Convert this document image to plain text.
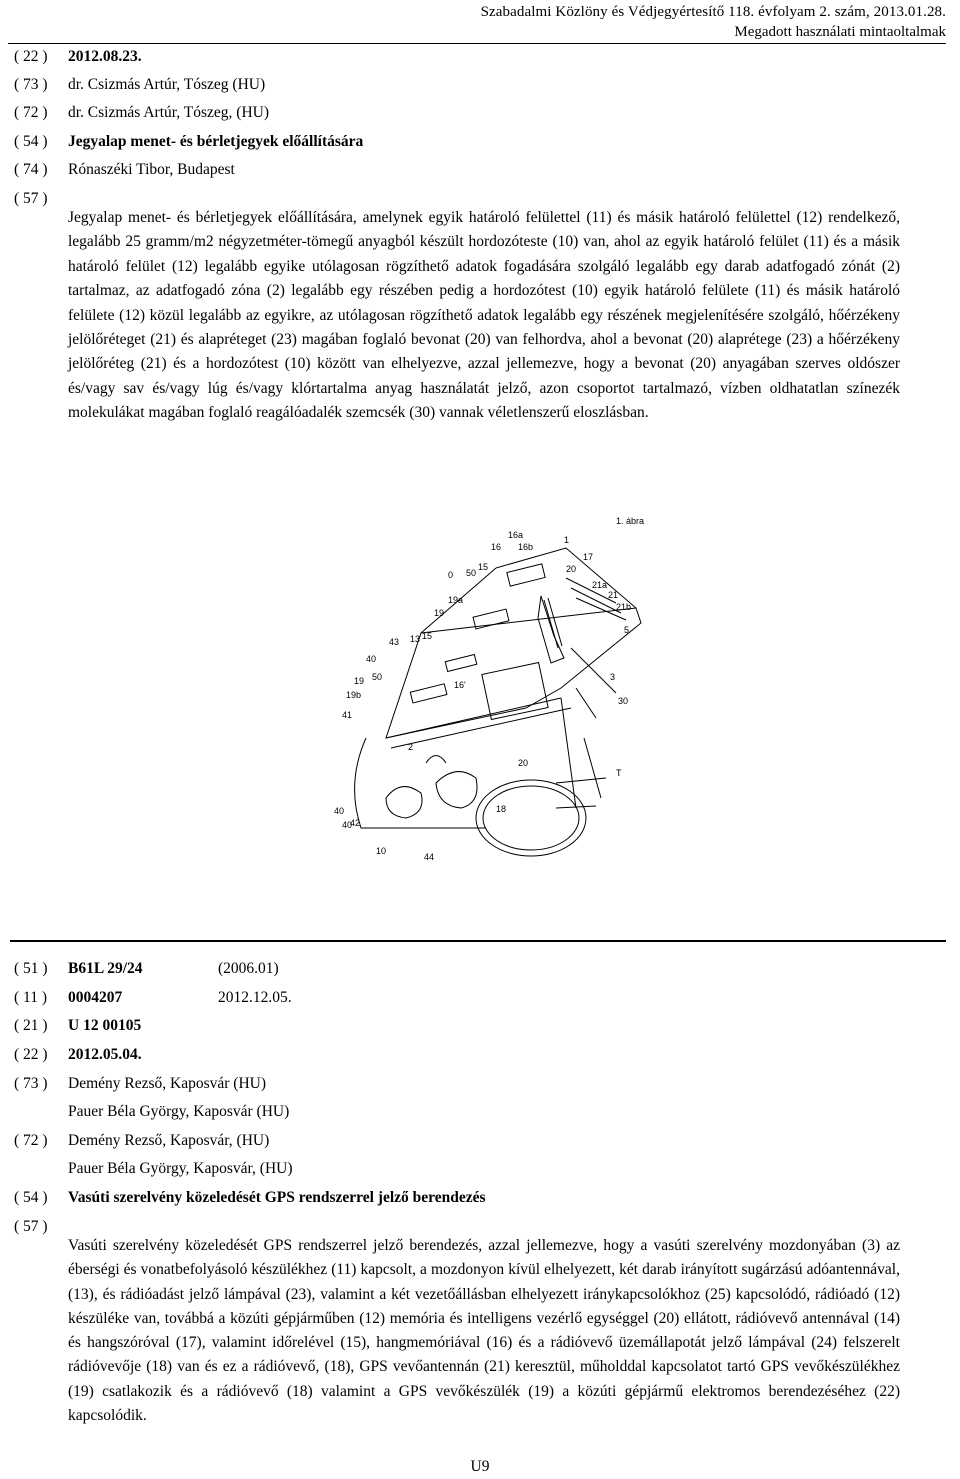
Szabadalmi Közlöny és Védjegyértesítő 118. évfolyam 2. szám, 2013.01.28.
Megadott használati mintaoltalmak
( 22 ) 2012.08.23.
( 73 ) dr. Csizmás Artúr, Tószeg (HU)
( 72 ) dr. Csizmás Artúr, Tószeg, (HU)
( 54 ) Jegyalap menet- és bérletjegyek előállítására
( 74 ) Rónaszéki Tibor, Budapest
( 57 )
Jegyalap menet- és bérletjegyek előállítására, amelynek egyik határoló felülettel (11) és másik határoló felülettel (12) rendelkező, legalább 25 gramm/m2 négyzetméter-tömegű anyagból készült hordozóteste (10) van, ahol az egyik határoló felület (11) és a másik határoló felület (12) legalább egyike utólagosan rögzíthető adatok fogadására szolgáló legalább egy darab adatfogadó zónát (2) tartalmaz, az adatfogadó zóna (2) legalább egy részében pedig a hordozótest (10) egyik határoló felülete (11) és másik határoló felülete (12) közül legalább az egyikre, az utólagosan rögzíthető adatok legalább egy részének megjelenítésére szolgáló, hőérzékeny jelölőréteget (21) és alapréteget (23) magában foglaló bevonat (20) van felhordva, ahol a bevonat (20) alaprétege (23) a hőérzékeny jelölőréteg (21) és a hordozótest (10) között van elhelyezve, azzal jellemezve, hogy a bevonat (20) anyagában szerves oldószer és/vagy sav és/vagy lúg és/vagy klórtartalma anyag használatát jelző, azon csoportot tartalmazó, vízben oldhatatlan színezék molekulákat magában foglaló reagálóadalék szemcsék (30) vannak véletlenszerű eloszlásban.
1. ábra
16
16a
16b
1
0 50
15
17
20
21a
21
21b
19
19a
43 13 15
5
40
50
16'
19
19b
41
2
3
30
20
T
40
42
40
18
10
44
( 51 ) B61L 29/24	(2006.01)
( 11 ) 0004207	2012.12.05.
( 21 ) U 12 00105
( 22 ) 2012.05.04.
( 73 ) Demény Rezső, Kaposvár (HU)
Pauer Béla György, Kaposvár (HU)
( 72 ) Demény Rezső, Kaposvár, (HU)
Pauer Béla György, Kaposvár, (HU)
( 54 ) Vasúti szerelvény közeledését GPS rendszerrel jelző berendezés
( 57 )
Vasúti szerelvény közeledését GPS rendszerrel jelző berendezés, azzal jellemezve, hogy a vasúti szerelvény mozdonyában (3) az éberségi és vonatbefolyásoló készülékhez (11) kapcsolt, a mozdonyon kívül elhelyezett, két darab irányított sugárzású adóantennával, (13), és rádióadást jelző lámpával (23), valamint a két vezetőállásban elhelyezett iránykapcsolókhoz (25) kapcsolódó, rádióadó (12) készüléke van, továbbá a közúti gépjárműben (12) memória és intelligens vezérlő egységgel (20) ellátott, rádióvevő antennával (14) és hangszóróval (17), valamint időrelével (15), hangmemóriával (16) és a rádióvevő üzemállapotát jelző lámpával (24) felszerelt rádióvevője (18) van és ez a rádióvevő, (18), GPS vevőantennán (21) keresztül, műholddal kapcsolatot tartó GPS vevőkészülékhez (19) csatlakozik és a rádióvevő (18) valamint a GPS vevőkészülék (19) a közúti gépjármű elektromos berendezéséhez (22) kapcsolódik.
U9
